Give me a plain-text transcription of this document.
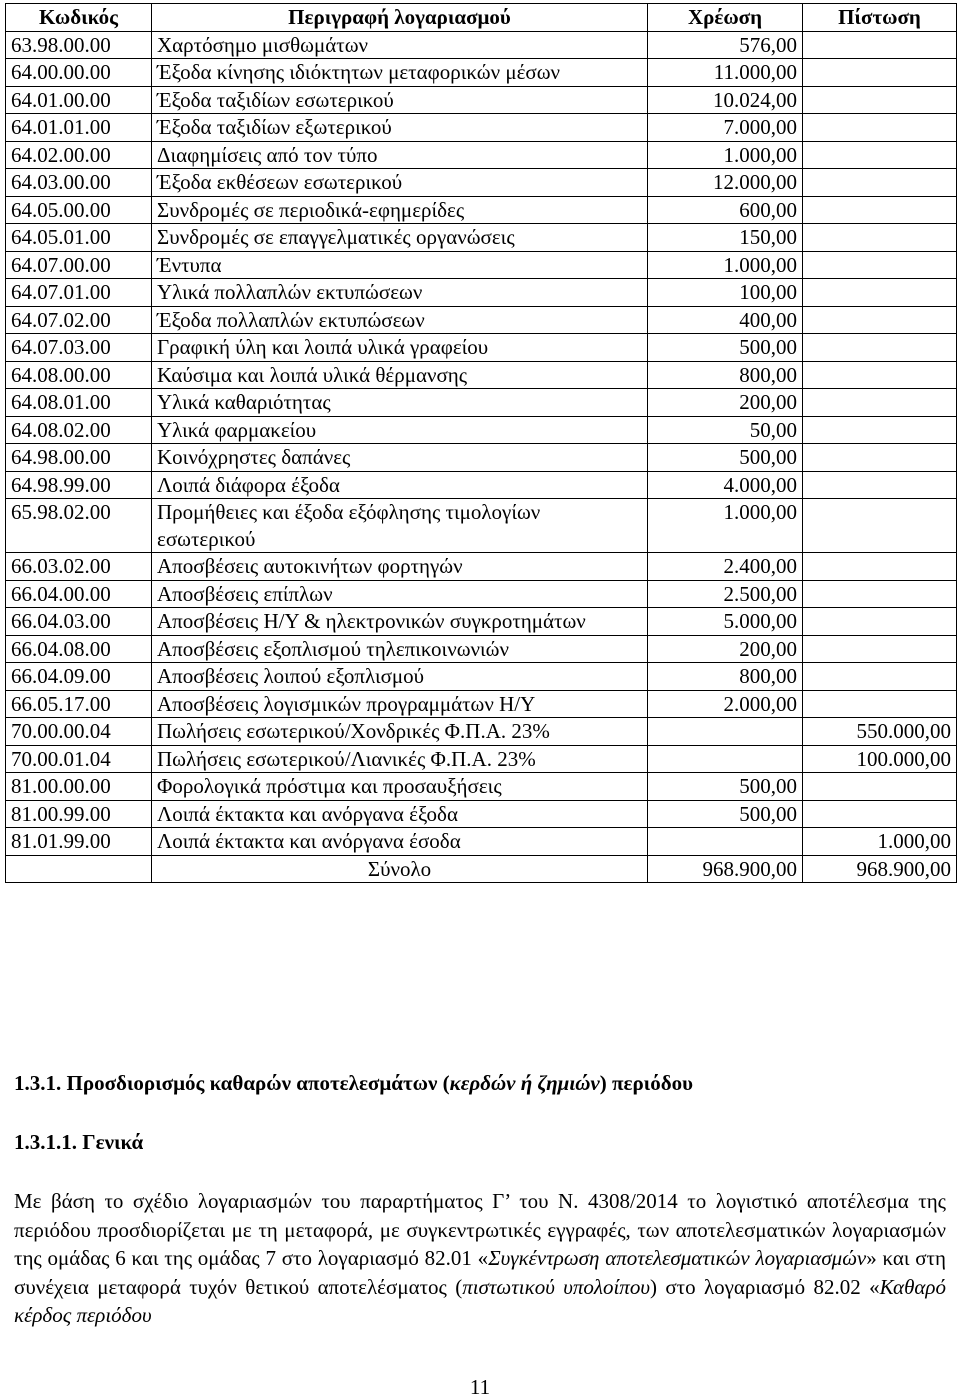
Κωδικός	Περιγραφή λογαριασμού	Χρέωση	Πίστωση
63.98.00.00	Χαρτόσημο μισθωμάτων	576,00	
64.00.00.00	Έξοδα κίνησης ιδιόκτητων μεταφορικών μέσων	11.000,00	
64.01.00.00	Έξοδα ταξιδίων εσωτερικού	10.024,00	
64.01.01.00	Έξοδα ταξιδίων εξωτερικού	7.000,00	
64.02.00.00	Διαφημίσεις από τον τύπο	1.000,00	
64.03.00.00	Έξοδα εκθέσεων εσωτερικού	12.000,00	
64.05.00.00	Συνδρομές σε περιοδικά-εφημερίδες	600,00	
64.05.01.00	Συνδρομές σε επαγγελματικές οργανώσεις	150,00	
64.07.00.00	Έντυπα	1.000,00	
64.07.01.00	Υλικά πολλαπλών εκτυπώσεων	100,00	
64.07.02.00	Έξοδα πολλαπλών εκτυπώσεων	400,00	
64.07.03.00	Γραφική ύλη και λοιπά υλικά γραφείου	500,00	
64.08.00.00	Καύσιμα και λοιπά υλικά θέρμανσης	800,00	
64.08.01.00	Υλικά καθαριότητας	200,00	
64.08.02.00	Υλικά φαρμακείου	50,00	
64.98.00.00	Κοινόχρηστες δαπάνες	500,00	
64.98.99.00	Λοιπά διάφορα έξοδα	4.000,00	
65.98.02.00	Προμήθειες και έξοδα εξόφλησης τιμολογίων εσωτερικού	1.000,00	
66.03.02.00	Αποσβέσεις αυτοκινήτων φορτηγών	2.400,00	
66.04.00.00	Αποσβέσεις επίπλων	2.500,00	
66.04.03.00	Αποσβέσεις Η/Υ & ηλεκτρονικών συγκροτημάτων	5.000,00	
66.04.08.00	Αποσβέσεις εξοπλισμού τηλεπικοινωνιών	200,00	
66.04.09.00	Αποσβέσεις λοιπού εξοπλισμού	800,00	
66.05.17.00	Αποσβέσεις λογισμικών προγραμμάτων Η/Υ	2.000,00	
70.00.00.04	Πωλήσεις εσωτερικού/Χονδρικές Φ.Π.Α. 23%		550.000,00
70.00.01.04	Πωλήσεις εσωτερικού/Λιανικές Φ.Π.Α. 23%		100.000,00
81.00.00.00	Φορολογικά πρόστιμα και προσαυξήσεις	500,00	
81.00.99.00	Λοιπά έκτακτα και ανόργανα έξοδα	500,00	
81.01.99.00	Λοιπά έκτακτα και ανόργανα έσοδα		1.000,00
	Σύνολο	968.900,00	968.900,00
1.3.1. Προσδιορισμός καθαρών αποτελεσμάτων (κερδών ή ζημιών) περιόδου
1.3.1.1. Γενικά
Με βάση το σχέδιο λογαριασμών του παραρτήματος Γ’ του Ν. 4308/2014 το λογιστικό αποτέλεσμα της περιόδου προσδιορίζεται με τη μεταφορά, με συγκεντρωτικές εγγραφές, των αποτελεσματικών λογαριασμών της ομάδας 6 και της ομάδας 7 στο λογαριασμό 82.01 «Συγκέντρωση αποτελεσματικών λογαριασμών» και στη συνέχεια μεταφορά τυχόν θετικού αποτελέσματος (πιστωτικού υπολοίπου) στο λογαριασμό 82.02 «Καθαρό κέρδος περιόδου
11
